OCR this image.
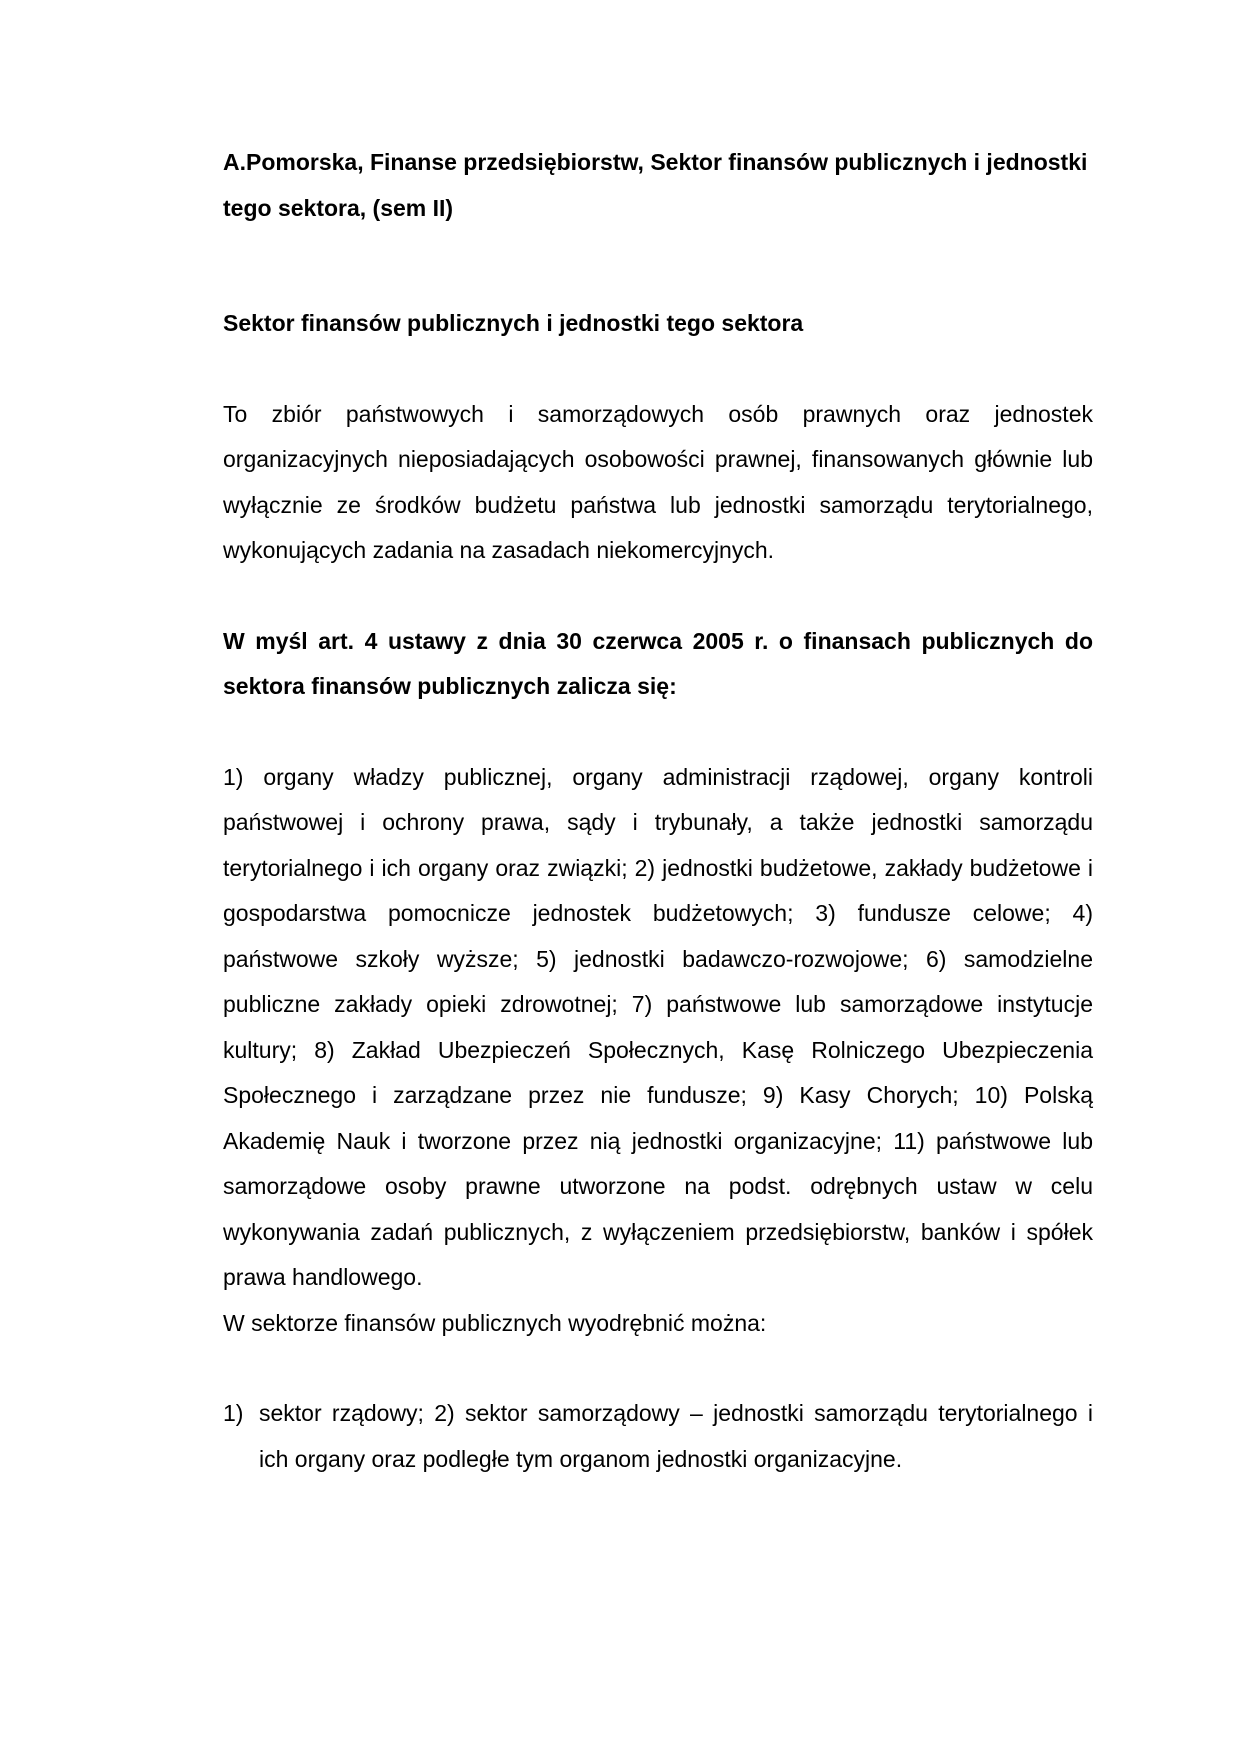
A.Pomorska, Finanse przedsiębiorstw, Sektor finansów publicznych i jednostki tego sektora, (sem II)

Sektor finansów publicznych i jednostki tego sektora

To zbiór państwowych i samorządowych osób prawnych oraz jednostek organizacyjnych nieposiadających osobowości prawnej, finansowanych głównie lub wyłącznie ze środków budżetu państwa lub jednostki samorządu terytorialnego, wykonujących zadania na zasadach niekomercyjnych.

W myśl art. 4 ustawy z dnia 30 czerwca 2005 r. o finansach publicznych do sektora finansów publicznych zalicza się:

1) organy władzy publicznej, organy administracji rządowej, organy kontroli państwowej i ochrony prawa, sądy i trybunały, a także jednostki samorządu terytorialnego i ich organy oraz związki; 2) jednostki budżetowe, zakłady budżetowe i gospodarstwa pomocnicze jednostek budżetowych; 3) fundusze celowe; 4) państwowe szkoły wyższe; 5) jednostki badawczo-rozwojowe; 6) samodzielne publiczne zakłady opieki zdrowotnej; 7) państwowe lub samorządowe instytucje kultury; 8) Zakład Ubezpieczeń Społecznych, Kasę Rolniczego Ubezpieczenia Społecznego i zarządzane przez nie fundusze; 9) Kasy Chorych; 10) Polską Akademię Nauk i tworzone przez nią jednostki organizacyjne; 11) państwowe lub samorządowe osoby prawne utworzone na podst. odrębnych ustaw w celu wykonywania zadań publicznych, z wyłączeniem przedsiębiorstw, banków i spółek prawa handlowego.

W sektorze finansów publicznych wyodrębnić można:

1) sektor rządowy; 2) sektor samorządowy – jednostki samorządu terytorialnego i ich organy oraz podległe tym organom jednostki organizacyjne.
